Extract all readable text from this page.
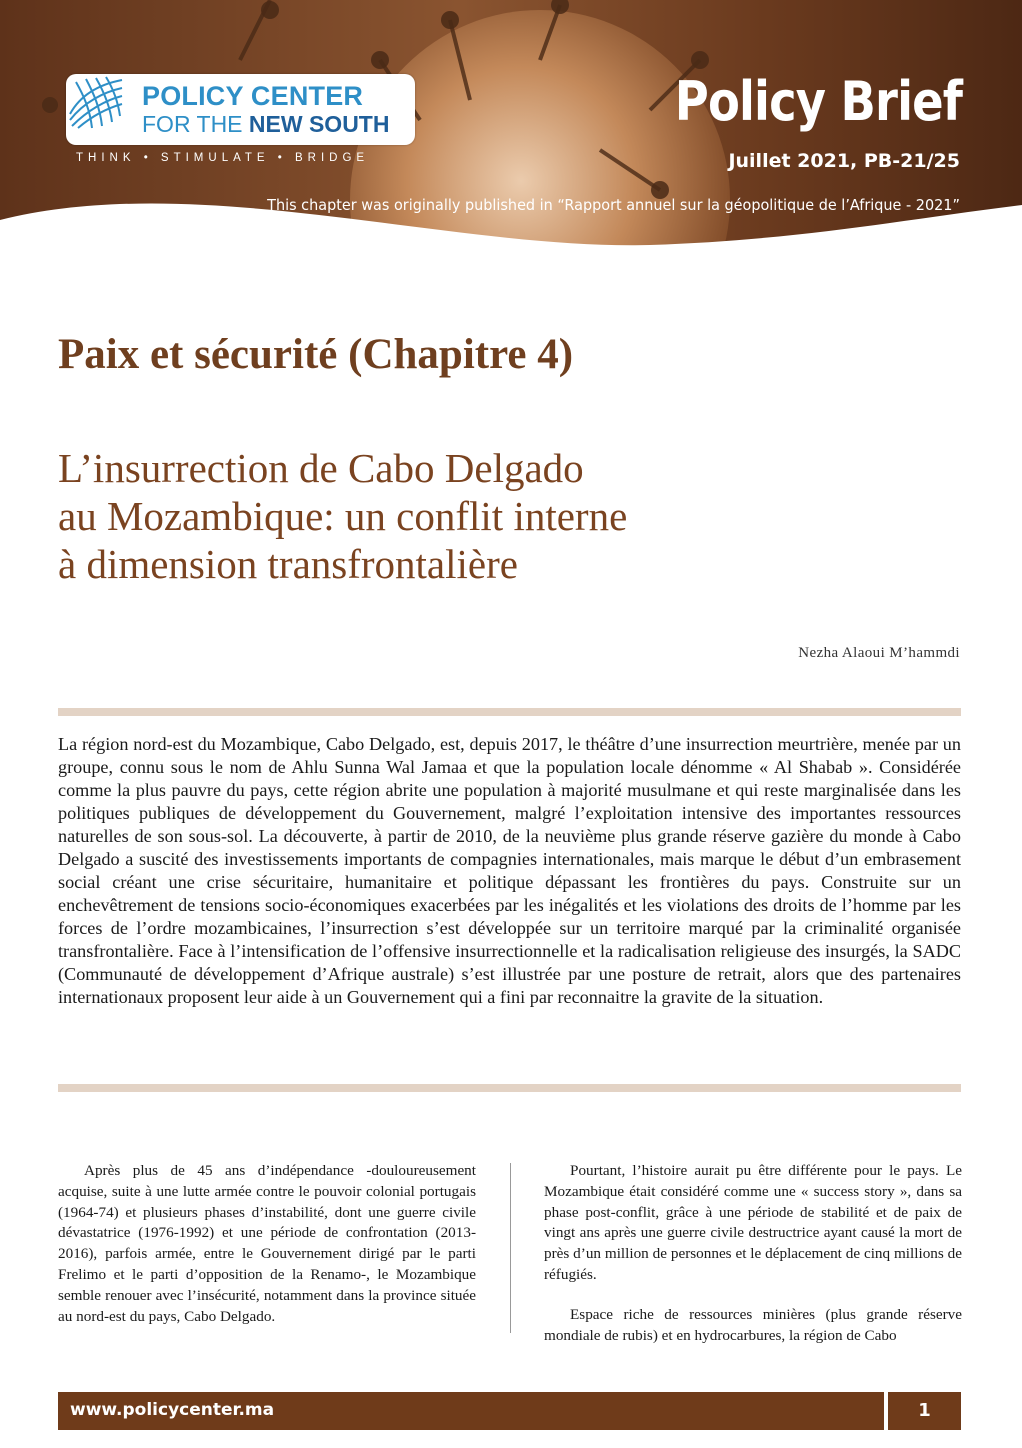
POLICY CENTER
FOR THE NEW SOUTH
THINK • STIMULATE • BRIDGE
Policy Brief
Juillet 2021, PB-21/25
This chapter was originally published in “Rapport annuel sur la géopolitique de l’Afrique - 2021”
Paix et sécurité (Chapitre 4)
L’insurrection de Cabo Delgado
au Mozambique: un conflit interne
à dimension transfrontalière
Nezha Alaoui M’hammdi
La région nord-est du Mozambique, Cabo Delgado, est, depuis 2017, le théâtre d’une insurrection meurtrière, menée par un groupe, connu sous le nom de Ahlu Sunna Wal Jamaa et que la population locale dénomme « Al Shabab ». Considérée comme la plus pauvre du pays, cette région abrite une population à majorité musulmane et qui reste marginalisée dans les politiques publiques de développement du Gouvernement, malgré l’exploitation intensive des importantes ressources naturelles de son sous-sol. La découverte, à partir de 2010, de la neuvième plus grande réserve gazière du monde à Cabo Delgado a suscité des investissements importants de compagnies internationales, mais marque le début d’un embrasement social créant une crise sécuritaire, humanitaire et politique dépassant les frontières du pays. Construite sur un enchevêtrement de tensions socio-économiques exacerbées par les inégalités et les violations des droits de l’homme par les forces de l’ordre mozambicaines, l’insurrection s’est développée sur un territoire marqué par la criminalité organisée transfrontalière. Face à l’intensification de l’offensive insurrectionnelle et la radicalisation religieuse des insurgés, la SADC (Communauté de développement d’Afrique australe) s’est illustrée par une posture de retrait, alors que des partenaires internationaux proposent leur aide à un Gouvernement qui a fini par reconnaitre la gravite de la situation.

Après plus de 45 ans d’indépendance -douloureusement acquise, suite à une lutte armée contre le pouvoir colonial portugais (1964-74) et plusieurs phases d’instabilité, dont une guerre civile dévastatrice (1976-1992) et une période de confrontation (2013-2016), parfois armée, entre le Gouvernement dirigé par le parti Frelimo et le parti d’opposition de la Renamo-, le Mozambique semble renouer avec l’insécurité, notamment dans la province située au nord-est du pays, Cabo Delgado.

Pourtant, l’histoire aurait pu être différente pour le pays. Le Mozambique était considéré comme une « success story », dans sa phase post-conflit, grâce à une période de stabilité et de paix de vingt ans après une guerre civile destructrice ayant causé la mort de près d’un million de personnes et le déplacement de cinq millions de réfugiés.

Espace riche de ressources minières (plus grande réserve mondiale de rubis) et en hydrocarbures, la région de Cabo

www.policycenter.ma	1
